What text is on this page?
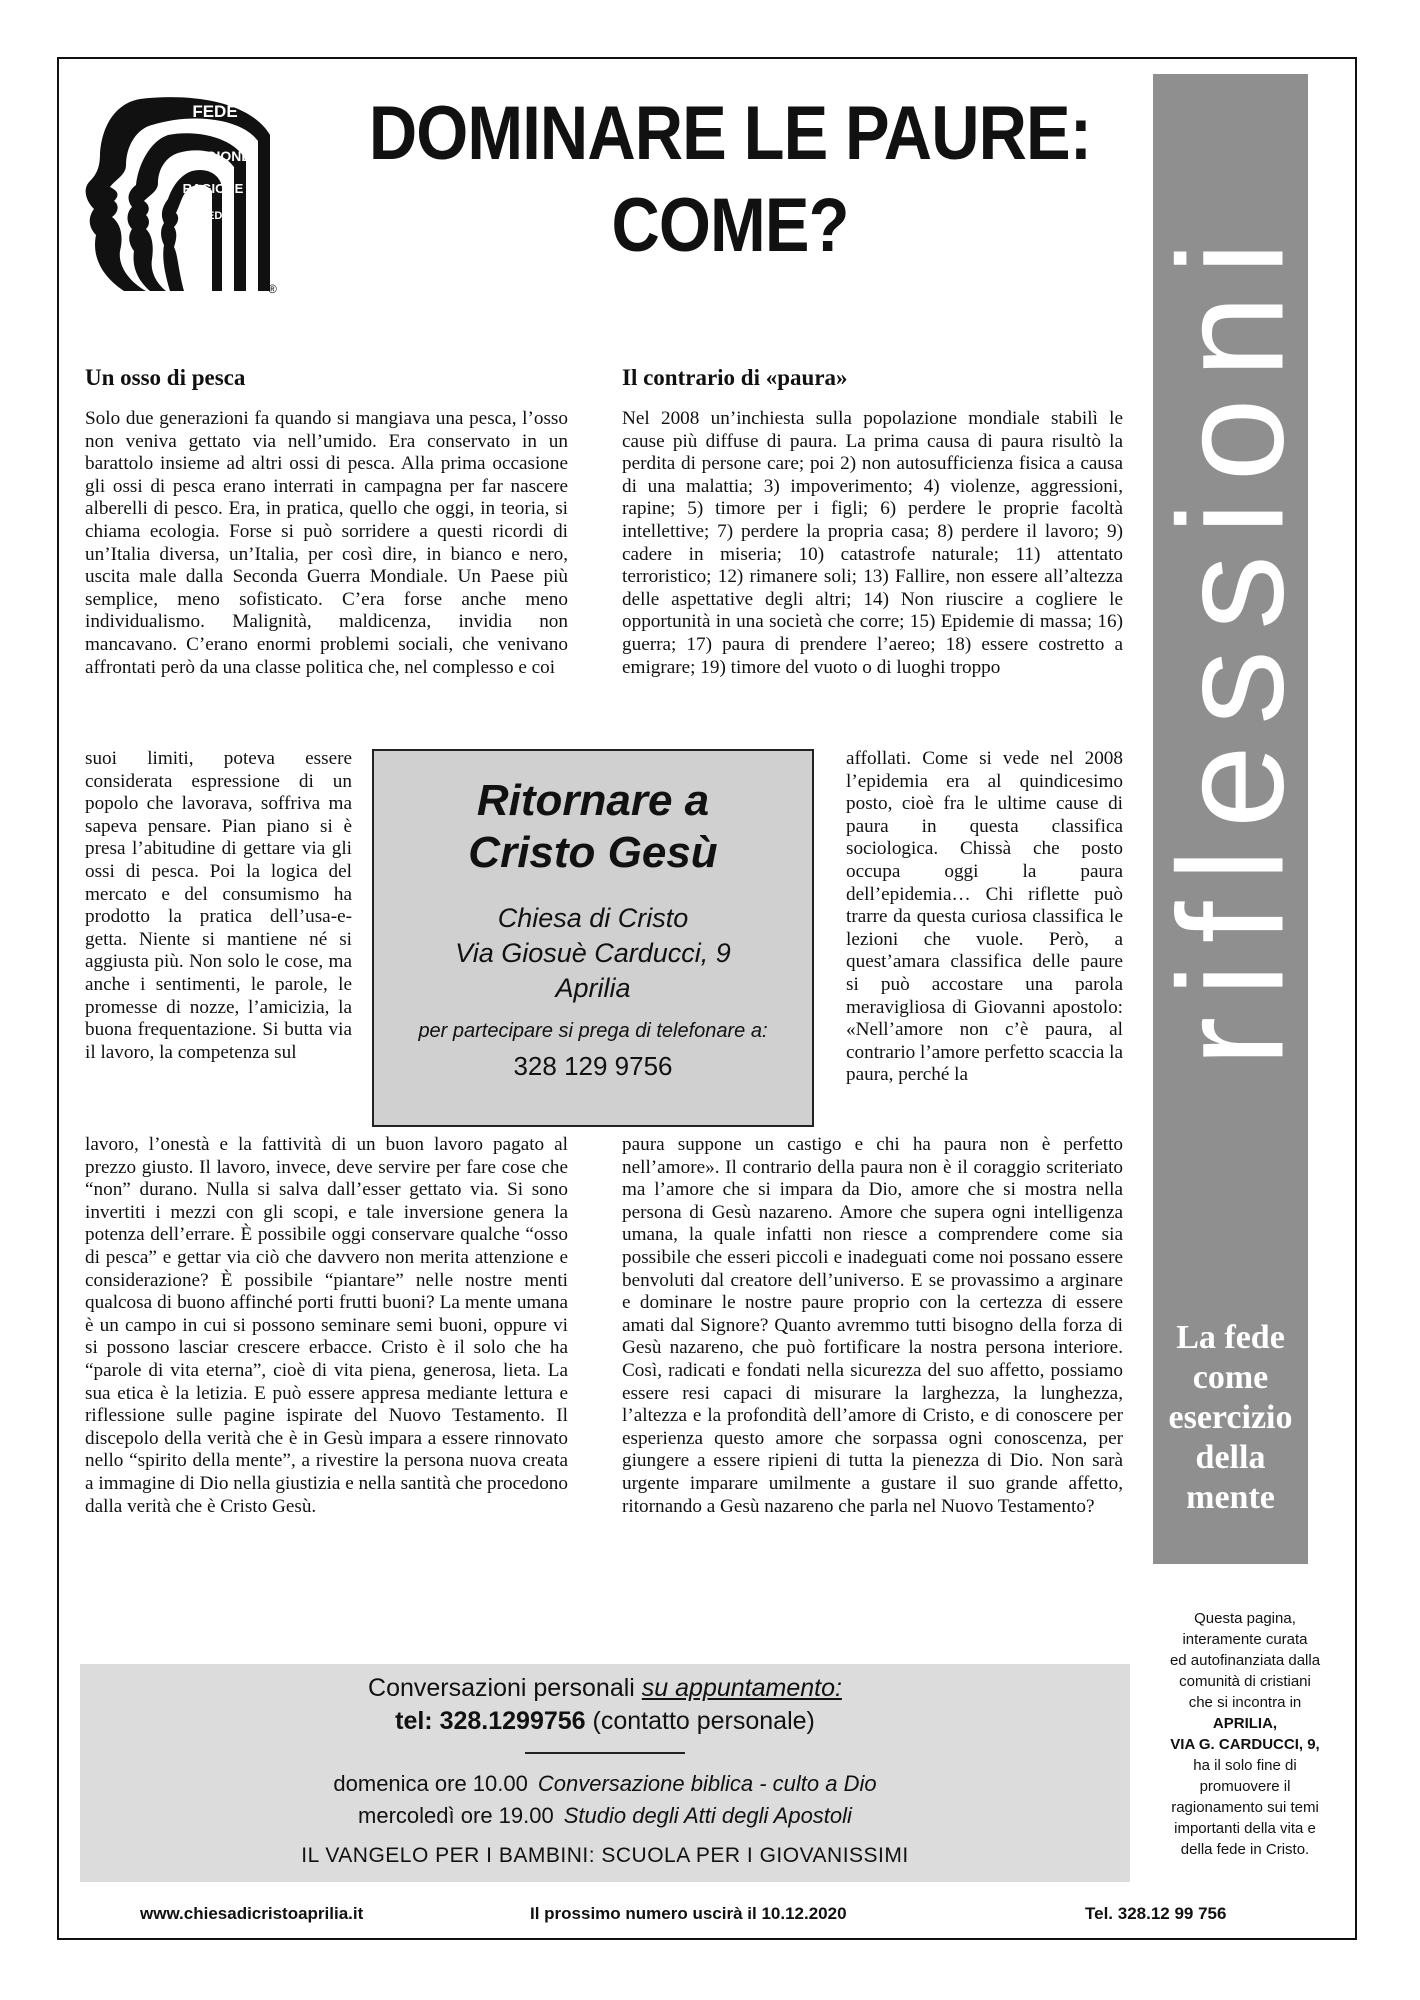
FEDE
RAGIONE
RAGIONE
FEDE
®
DOMINARE LE PAURE:
COME?	riflessioni
La fede
come
esercizio
della
mente
Questa pagina,
interamente curata
ed autofinanziata dalla
comunità di cristiani
che si incontra in
APRILIA,
VIA G. CARDUCCI, 9,
ha il solo fine di
promuovere il
ragionamento sui temi
importanti della vita e
della fede in Cristo.
Un osso di pesca
Solo due generazioni fa quando si mangiava una pesca, l’osso non veniva gettato via nell’umido. Era conservato in un barattolo insieme ad altri ossi di pesca. Alla prima occasione gli ossi di pesca erano interrati in campagna per far nascere alberelli di pesco. Era, in pratica, quello che oggi, in teoria, si chiama ecologia. Forse si può sorridere a questi ricordi di un’Italia diversa, un’Italia, per così dire, in bianco e nero, uscita male dalla Seconda Guerra Mondiale. Un Paese più semplice, meno sofisticato. C’era forse anche meno individualismo. Malignità, maldicenza, invidia non mancavano. C’erano enormi problemi sociali, che venivano affrontati però da una classe politica che, nel complesso e coi
suoi limiti, poteva essere considerata espressione di un popolo che lavorava, soffriva ma sapeva pensare. Pian piano si è presa l’abitudine di gettare via gli ossi di pesca. Poi la logica del mercato e del consumismo ha prodotto la pratica dell’usa-e-getta. Niente si mantiene né si aggiusta più. Non solo le cose, ma anche i sentimenti, le parole, le promesse di nozze, l’amicizia, la buona frequentazione. Si butta via il lavoro, la competenza sul
lavoro, l’onestà e la fattività di un buon lavoro pagato al prezzo giusto. Il lavoro, invece, deve servire per fare cose che “non” durano. Nulla si salva dall’esser gettato via. Si sono invertiti i mezzi con gli scopi, e tale inversione genera la potenza dell’errare. È possibile oggi conservare qualche “osso di pesca” e gettar via ciò che davvero non merita attenzione e considerazione? È possibile “piantare” nelle nostre menti qualcosa di buono affinché porti frutti buoni? La mente umana è un campo in cui si possono seminare semi buoni, oppure vi si possono lasciar crescere erbacce. Cristo è il solo che ha “parole di vita eterna”, cioè di vita piena, generosa, lieta. La sua etica è la letizia. E può essere appresa mediante lettura e riflessione sulle pagine ispirate del Nuovo Testamento. Il discepolo della verità che è in Gesù impara a essere rinnovato nello “spirito della mente”, a rivestire la persona nuova creata a immagine di Dio nella giustizia e nella santità che procedono dalla verità che è Cristo Gesù.
Il contrario di «paura»
Nel 2008 un’inchiesta sulla popolazione mondiale stabilì le cause più diffuse di paura. La prima causa di paura risultò la perdita di persone care; poi 2) non autosufficienza fisica a causa di una malattia; 3) impoverimento; 4) violenze, aggressioni, rapine; 5) timore per i figli; 6) perdere le proprie facoltà intellettive; 7) perdere la propria casa; 8) perdere il lavoro; 9) cadere in miseria; 10) catastrofe naturale; 11) attentato terroristico; 12) rimanere soli; 13) Fallire, non essere all’altezza delle aspettative degli altri; 14) Non riuscire a cogliere le opportunità in una società che corre; 15) Epidemie di massa; 16) guerra; 17) paura di prendere l’aereo; 18) essere costretto a emigrare; 19) timore del vuoto o di luoghi troppo
affollati. Come si vede nel 2008 l’epidemia era al quindicesimo posto, cioè fra le ultime cause di paura in questa classifica sociologica. Chissà che posto occupa oggi la paura dell’epidemia… Chi riflette può trarre da questa curiosa classifica le lezioni che vuole. Però, a quest’amara classifica delle paure si può accostare una parola meravigliosa di Giovanni apostolo: «Nell’amore non c’è paura, al contrario l’amore perfetto scaccia la paura, perché la
paura suppone un castigo e chi ha paura non è perfetto nell’amore». Il contrario della paura non è il coraggio scriteriato ma l’amore che si impara da Dio, amore che si mostra nella persona di Gesù nazareno. Amore che supera ogni intelligenza umana, la quale infatti non riesce a comprendere come sia possibile che esseri piccoli e inadeguati come noi possano essere benvoluti dal creatore dell’universo. E se provassimo a arginare e dominare le nostre paure proprio con la certezza di essere amati dal Signore? Quanto avremmo tutti bisogno della forza di Gesù nazareno, che può fortificare la nostra persona interiore. Così, radicati e fondati nella sicurezza del suo affetto, possiamo essere resi capaci di misurare la larghezza, la lunghezza, l’altezza e la profondità dell’amore di Cristo, e di conoscere per esperienza questo amore che sorpassa ogni conoscenza, per giungere a essere ripieni di tutta la pienezza di Dio. Non sarà urgente imparare umilmente a gustare il suo grande affetto, ritornando a Gesù nazareno che parla nel Nuovo Testamento?
Ritornare a
Cristo Gesù
Chiesa di Cristo
Via Giosuè Carducci, 9
Aprilia
per partecipare si prega di telefonare a:
328 129 9756
Conversazioni personali su appuntamento:
tel: 328.1299756 (contatto personale)
domenica ore 10.00 Conversazione biblica - culto a Dio
mercoledì ore 19.00 Studio degli Atti degli Apostoli
IL VANGELO PER I BAMBINI: SCUOLA PER I GIOVANISSIMI
www.chiesadicristoaprilia.it	Il prossimo numero uscirà il 10.12.2020	Tel. 328.12 99 756
